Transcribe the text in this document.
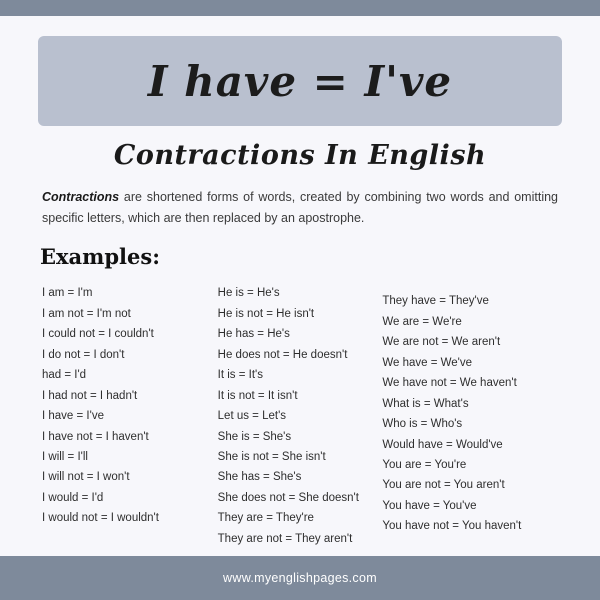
I have = I've
Contractions In English
Contractions are shortened forms of words, created by combining two words and omitting specific letters, which are then replaced by an apostrophe.
Examples:
I am = I'm
I am not = I'm not
I could not = I couldn't
I do not = I don't
had = I'd
I had not = I hadn't
I have = I've
I have not = I haven't
I will = I'll
I will not = I won't
I would = I'd
I would not = I wouldn't
He is = He's
He is not = He isn't
He has = He's
He does not = He doesn't
It is = It's
It is not = It isn't
Let us = Let's
She is = She's
She is not = She isn't
She has = She's
She does not = She doesn't
They are = They're
They are not = They aren't
They have = They've
We are = We're
We are not = We aren't
We have = We've
We have not = We haven't
What is = What's
Who is = Who's
Would have = Would've
You are = You're
You are not = You aren't
You have = You've
You have not = You haven't
www.myenglishpages.com
